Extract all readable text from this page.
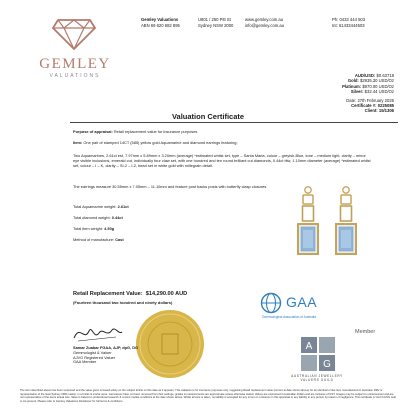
GEMLEY
VALUATIONS
Gemley Valuations
ABN 69 620 682 895
U801 / 250 Pitt St
Sydney NSW 2000
www.gemley.com.au
info@gemley.com.au
Ph: 0433 444 503
Int: 61433444503
AUD/USD: $0.63718
Gold: $2935.30 USD/Oz
Platinum: $970.00 USD/Oz
Silver: $32.44 USD/Oz
Date: 27th February 2025
Certificate #: 0225085
Client: 15/1306
Valuation Certificate
Purpose of appraisal: Retail replacement value for insurance purposes
Item: One pair of stamped 14CT (585) yellow gold Aquamarine and diamond earrings featuring;
Two Aquamarines, 2.61ct est, 7.97mm x 5.89mm x 3.20mm (average) *estimated whilst set, type – Santa Maria, colour – greyish-Blue, tone – medium light, clarity – minor eye visible inclusions, emerald cut, individually four claw set, with one hundred and ten round brilliant cut diamonds, 0.44ct ttlw, 1.10mm diameter (average) *estimated whilst set, colour – I – K, clarity – SI-2 – I-2, bead set in white gold with millegrain detail.
The earrings measure 30.55mm x 7.05mm – 11.10mm and feature post backs posts with butterfly clasp closures.
Total Aquamarine weight: 2.61ct
Total diamond weight: 0.44ct
Total item weight: 4.50g
Method of manufacture: Cast
Retail Replacement Value: $14,290.00 AUD
(Fourteen thousand two hundred and ninety dollars)
Samar Zuabar FGAA, AJP, dpG, DG
Gemmologist & Valuer
AJVG Registered Valuer
GAA Member
GAA
Gemmological Association of Australia
Member
A
G
AUSTRALIAN JEWELLERY
VALUERS GUILD
The item described above has been examined and the value given is based solely on the subject article on this date as it appears. This valuation is for insurance purposes only, suggesting Retail replacement value (current at date shown above) for an identical or like item manufactured in Australia. RRV is representative of the level Sydney CBD market, in a bricks & mortar store. Gemstones have not been removed from their settings, grades & measurements are approximate unless otherwise stated. Values are expressed in Australian dollars and are inclusive of GST. Images may be subject to enhancement and are not representative of the items actual size. Value is based on professional research & current market conditions at the date shown above. Whilst all care is taken, no liability is accepted for any errors or omissions in this appraisal or any liability to any person by reason of negligence. This certificate is void if AJVG seal is not present. Please refer to Gemley Valuations Disclaimer for full terms & conditions.
